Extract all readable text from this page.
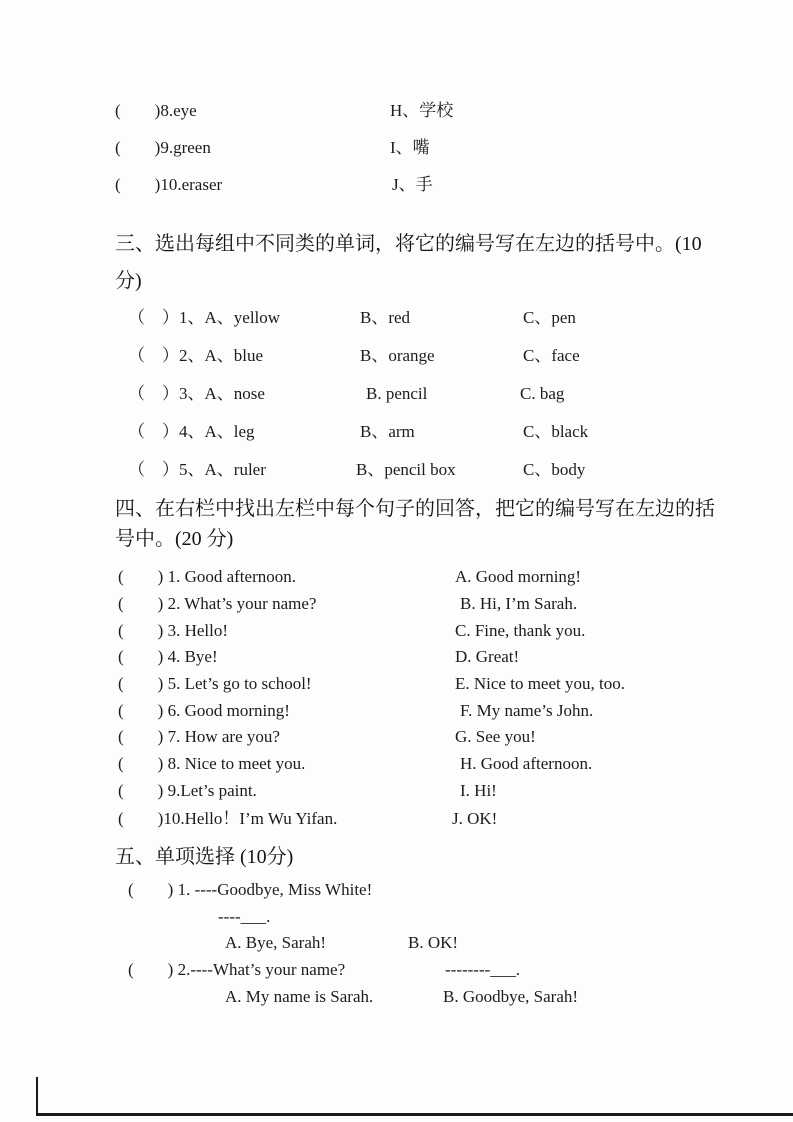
(        )8.eye	H、学校
(        )9.green	I、嘴
(        )10.eraser	J、手
三、选出每组中不同类的单词，将它的编号写在左边的括号中。(10
分)
（　）1、A、yellow	B、red	C、pen
（　）2、A、blue	B、orange	C、face
（　）3、A、nose	B. pencil	C. bag
（　）4、A、leg	B、arm	C、black
（　）5、A、ruler	B、pencil box	C、body
四、在右栏中找出左栏中每个句子的回答，把它的编号写在左边的括
号中。(20 分)
(        ) 1. Good afternoon.	A. Good morning!
(        ) 2. What’s your name?	B. Hi, I’m Sarah.
(        ) 3. Hello!	C. Fine, thank you.
(        ) 4. Bye!	D. Great!
(        ) 5. Let’s go to school!	E. Nice to meet you, too.
(        ) 6. Good morning!	F. My name’s John.
(        ) 7. How are you?	G. See you!
(        ) 8. Nice to meet you.	H. Good afternoon.
(        ) 9.Let’s paint.	I. Hi!
(        )10.Hello！I’m Wu Yifan.	J. OK!
五、单项选择 (10分)
(        ) 1. ----Goodbye, Miss White!
----___.
A. Bye, Sarah!	B. OK!
(        ) 2.----What’s your name?	--------___.
A. My name is Sarah.	B. Goodbye, Sarah!
